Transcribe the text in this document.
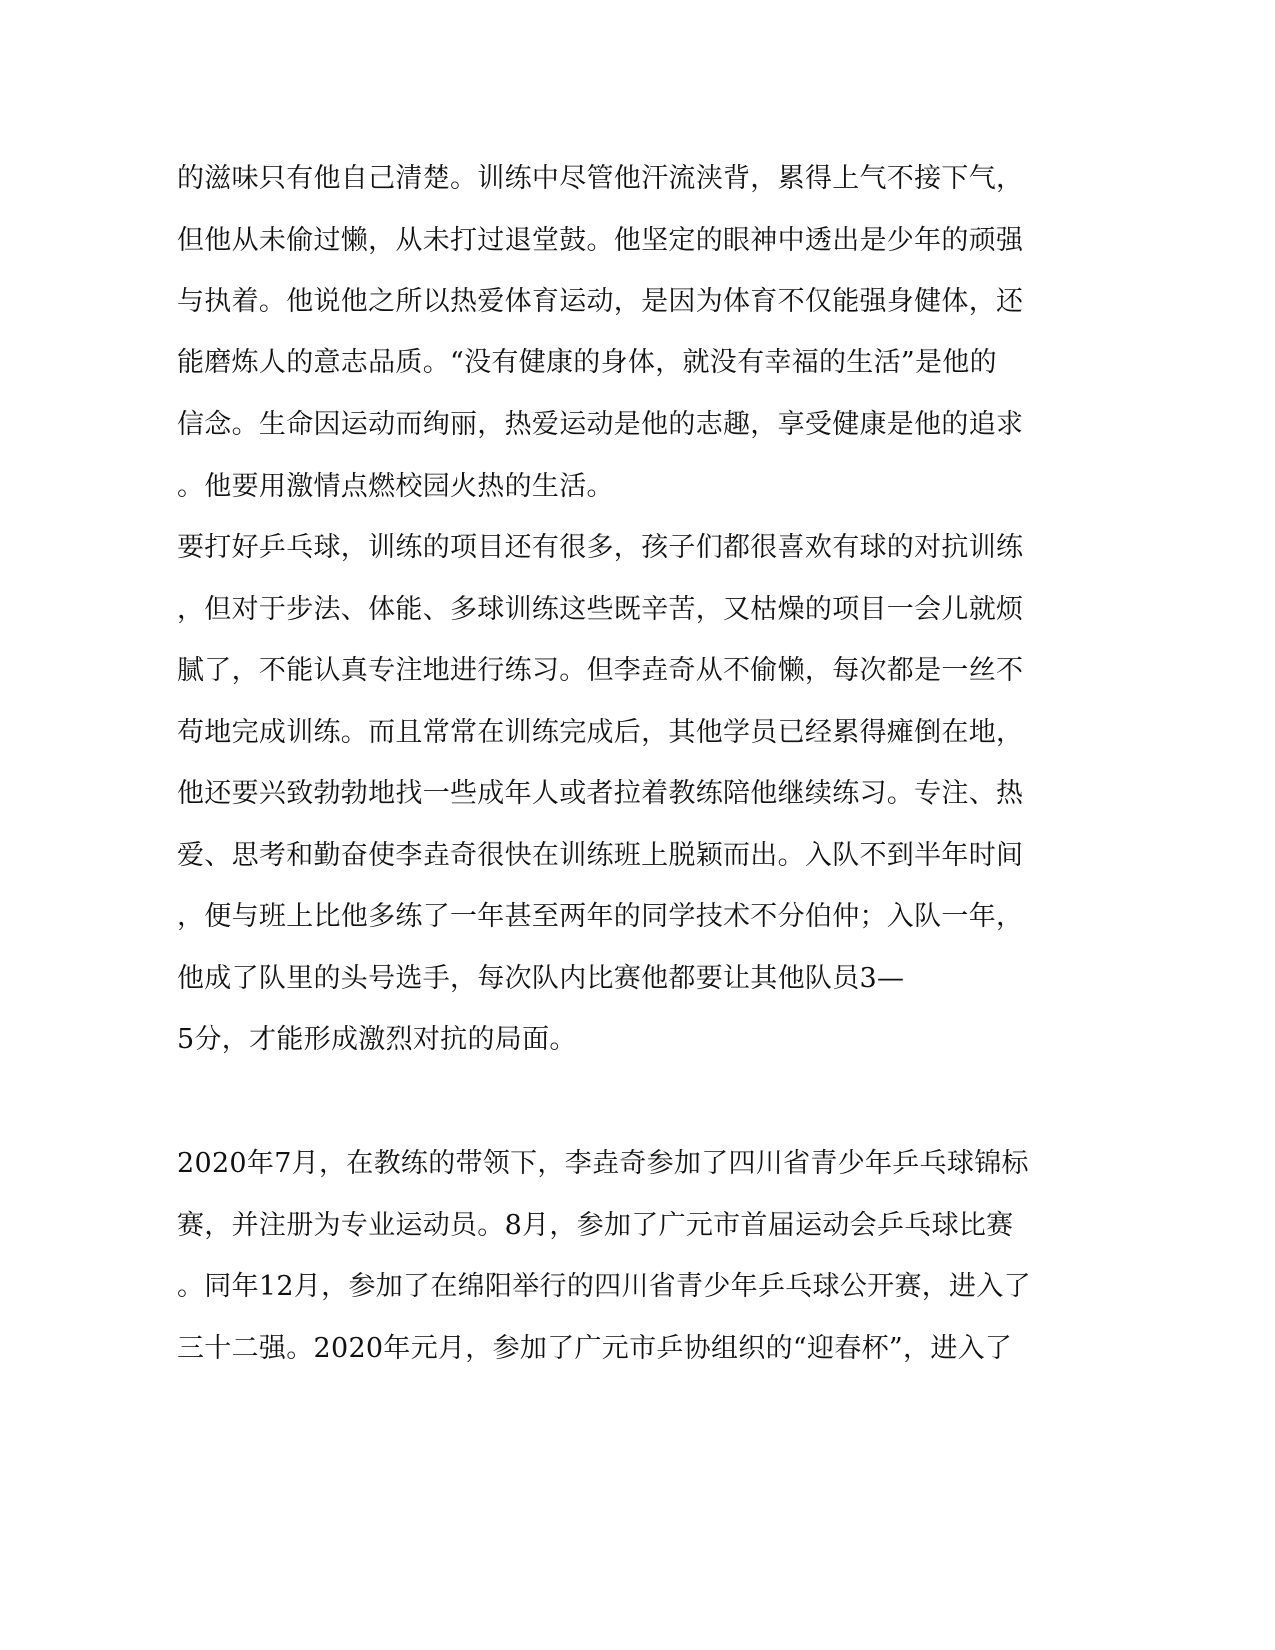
的滋味只有他自己清楚。训练中尽管他汗流浃背，累得上气不接下气，
但他从未偷过懒，从未打过退堂鼓。他坚定的眼神中透出是少年的顽强
与执着。他说他之所以热爱体育运动，是因为体育不仅能强身健体，还
能磨炼人的意志品质。“没有健康的身体，就没有幸福的生活”是他的
信念。生命因运动而绚丽，热爱运动是他的志趣，享受健康是他的追求
。他要用激情点燃校园火热的生活。
要打好乒乓球，训练的项目还有很多，孩子们都很喜欢有球的对抗训练
，但对于步法、体能、多球训练这些既辛苦，又枯燥的项目一会儿就烦
腻了，不能认真专注地进行练习。但李垚奇从不偷懒，每次都是一丝不
苟地完成训练。而且常常在训练完成后，其他学员已经累得瘫倒在地，
他还要兴致勃勃地找一些成年人或者拉着教练陪他继续练习。专注、热
爱、思考和勤奋使李垚奇很快在训练班上脱颖而出。入队不到半年时间
，便与班上比他多练了一年甚至两年的同学技术不分伯仲；入队一年，
他成了队里的头号选手，每次队内比赛他都要让其他队员3—
5分，才能形成激烈对抗的局面。
2020年7月，在教练的带领下，李垚奇参加了四川省青少年乒乓球锦标
赛，并注册为专业运动员。8月，参加了广元市首届运动会乒乓球比赛
。同年12月，参加了在绵阳举行的四川省青少年乒乓球公开赛，进入了
三十二强。2020年元月，参加了广元市乒协组织的“迎春杯”，进入了
